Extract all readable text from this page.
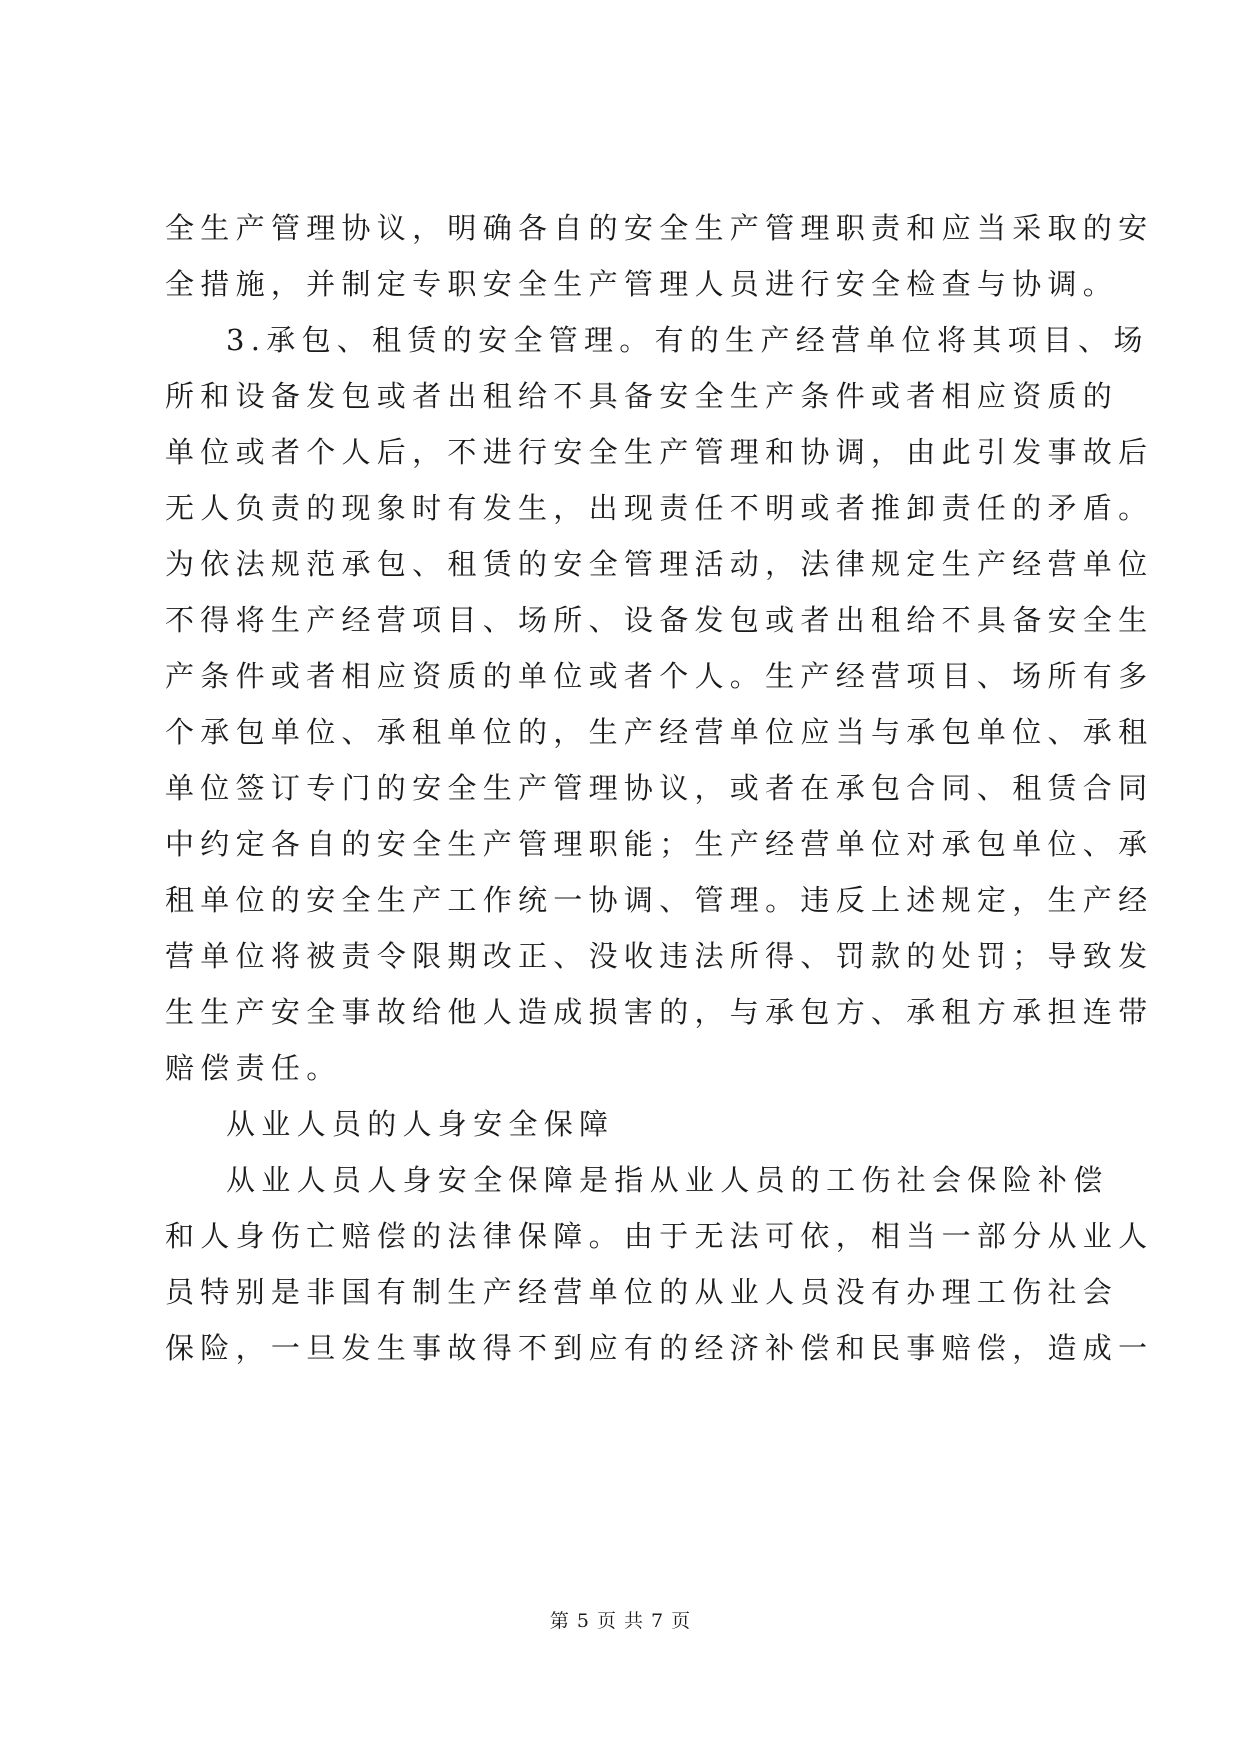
全生产管理协议，明确各自的安全生产管理职责和应当采取的安
全措施，并制定专职安全生产管理人员进行安全检查与协调。
3.承包、租赁的安全管理。有的生产经营单位将其项目、场
所和设备发包或者出租给不具备安全生产条件或者相应资质的
单位或者个人后，不进行安全生产管理和协调，由此引发事故后
无人负责的现象时有发生，出现责任不明或者推卸责任的矛盾。
为依法规范承包、租赁的安全管理活动，法律规定生产经营单位
不得将生产经营项目、场所、设备发包或者出租给不具备安全生
产条件或者相应资质的单位或者个人。生产经营项目、场所有多
个承包单位、承租单位的，生产经营单位应当与承包单位、承租
单位签订专门的安全生产管理协议，或者在承包合同、租赁合同
中约定各自的安全生产管理职能；生产经营单位对承包单位、承
租单位的安全生产工作统一协调、管理。违反上述规定，生产经
营单位将被责令限期改正、没收违法所得、罚款的处罚；导致发
生生产安全事故给他人造成损害的，与承包方、承租方承担连带
赔偿责任。
从业人员的人身安全保障
从业人员人身安全保障是指从业人员的工伤社会保险补偿
和人身伤亡赔偿的法律保障。由于无法可依，相当一部分从业人
员特别是非国有制生产经营单位的从业人员没有办理工伤社会
保险，一旦发生事故得不到应有的经济补偿和民事赔偿，造成一
第 5 页 共 7 页
